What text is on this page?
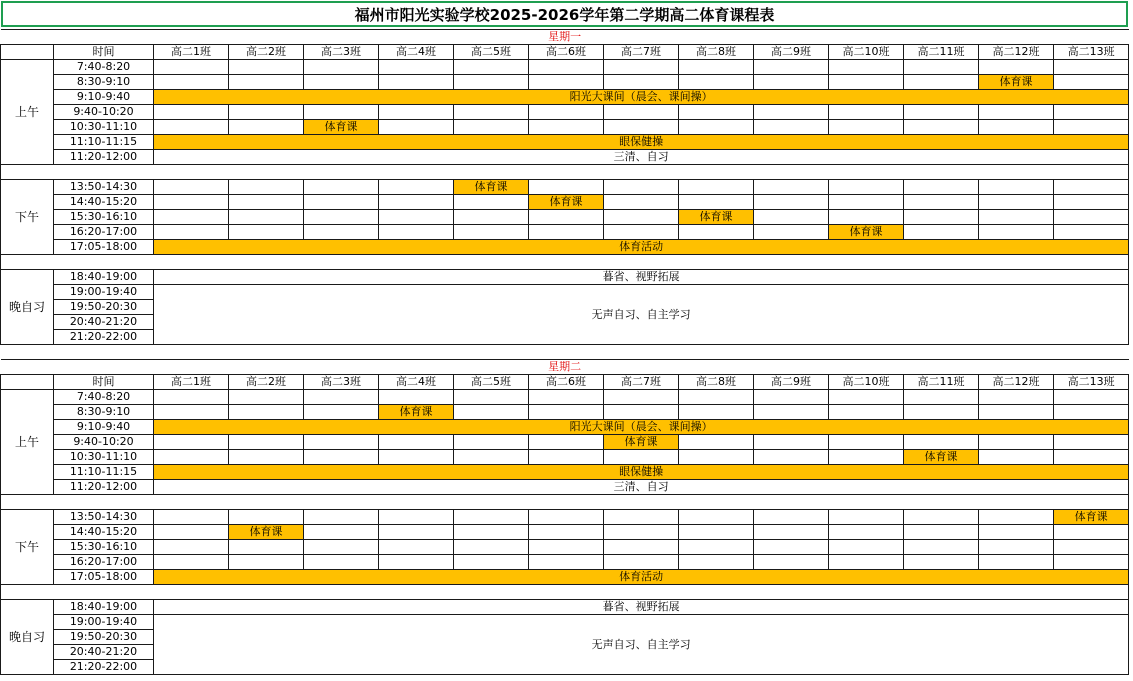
福州市阳光实验学校2025-2026学年第二学期高二体育课程表
星期一														
	时间	高二1班	高二2班	高二3班	高二4班	高二5班	高二6班	高二7班	高二8班	高二9班	高二10班	高二11班	高二12班	高二13班
上午	7:40-8:20													
	8:30-9:10												体育课	
	9:10-9:40	阳光大课间（晨会、课间操）												
	9:40-10:20													
	10:30-11:10			体育课										
	11:10-11:15	眼保健操												
	11:20-12:00	三清、自习												

下午	13:50-14:30					体育课								
	14:40-15:20						体育课							
	15:30-16:10								体育课					
	16:20-17:00										体育课			
	17:05-18:00	体育活动												

晚自习	18:40-19:00	暮省、视野拓展												
	19:00-19:40	无声自习、自主学习												
	19:50-20:30													
	20:40-21:20													
	21:20-22:00													
星期二														
	时间	高二1班	高二2班	高二3班	高二4班	高二5班	高二6班	高二7班	高二8班	高二9班	高二10班	高二11班	高二12班	高二13班
上午	7:40-8:20													
	8:30-9:10				体育课									
	9:10-9:40	阳光大课间（晨会、课间操）												
	9:40-10:20							体育课						
	10:30-11:10											体育课		
	11:10-11:15	眼保健操												
	11:20-12:00	三清、自习												

下午	13:50-14:30													体育课
	14:40-15:20		体育课											
	15:30-16:10													
	16:20-17:00													
	17:05-18:00	体育活动												

晚自习	18:40-19:00	暮省、视野拓展												
	19:00-19:40	无声自习、自主学习												
	19:50-20:30													
	20:40-21:20													
	21:20-22:00													
